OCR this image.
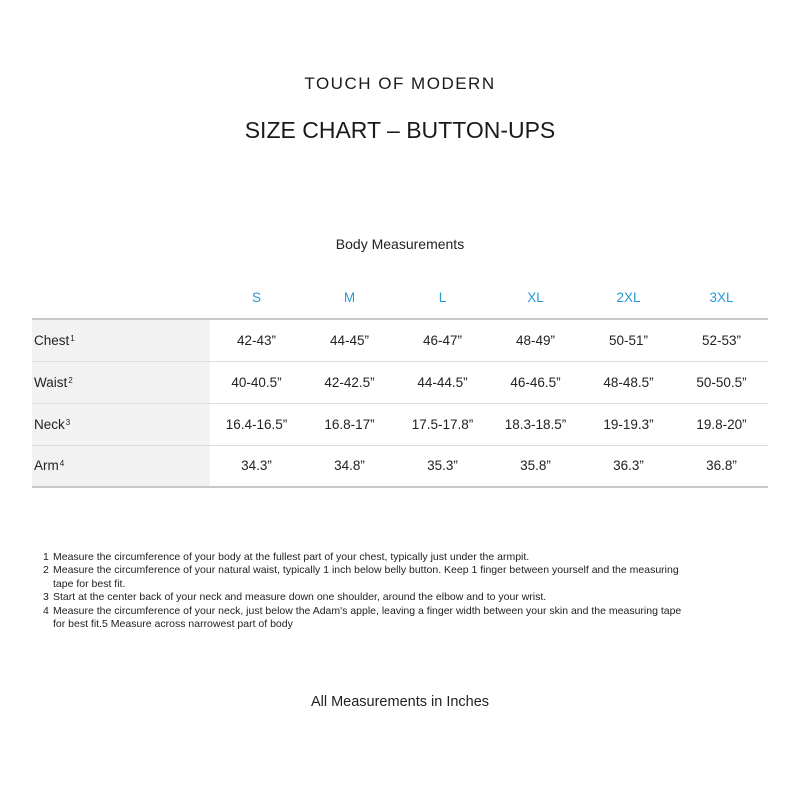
TOUCH OF MODERN
SIZE CHART – BUTTON-UPS
Body Measurements
	S	M	L	XL	2XL	3XL
Chest$^1$	42-43”	44-45”	46-47”	48-49”	50-51”	52-53”
Waist$^2$	40-40.5”	42-42.5”	44-44.5”	46-46.5”	48-48.5”	50-50.5”
Neck$^3$	16.4-16.5”	16.8-17”	17.5-17.8”	18.3-18.5”	19-19.3”	19.8-20”
Arm$^4$	34.3”	34.8”	35.3”	35.8”	36.3”	36.8”
1 Measure the circumference of your body at the fullest part of your chest, typically just under the armpit.
2 Measure the circumference of your natural waist, typically 1 inch below belly button. Keep 1 finger between yourself and the measuring tape for best fit.
3 Start at the center back of your neck and measure down one shoulder, around the elbow and to your wrist.
4 Measure the circumference of your neck, just below the Adam's apple, leaving a finger width between your skin and the measuring tape for best fit.5 Measure across narrowest part of body
All Measurements in Inches
